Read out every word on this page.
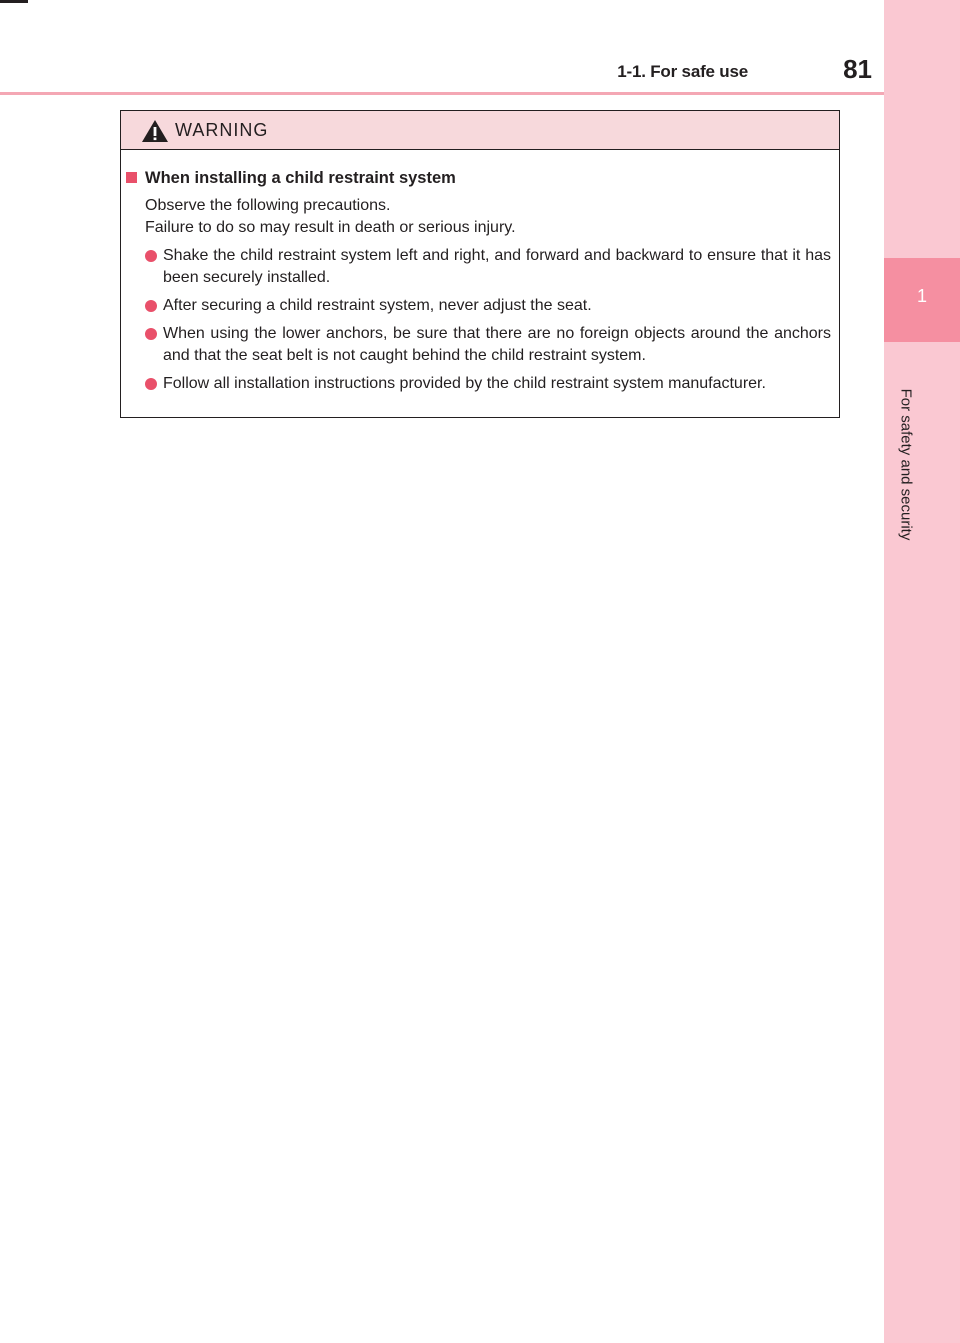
1-1. For safe use	81
1
For safety and security
WARNING
When installing a child restraint system
Observe the following precautions.
Failure to do so may result in death or serious injury.
Shake the child restraint system left and right, and forward and backward to ensure that it has been securely installed.
After securing a child restraint system, never adjust the seat.
When using the lower anchors, be sure that there are no foreign objects around the anchors and that the seat belt is not caught behind the child restraint system.
Follow all installation instructions provided by the child restraint system manufacturer.
